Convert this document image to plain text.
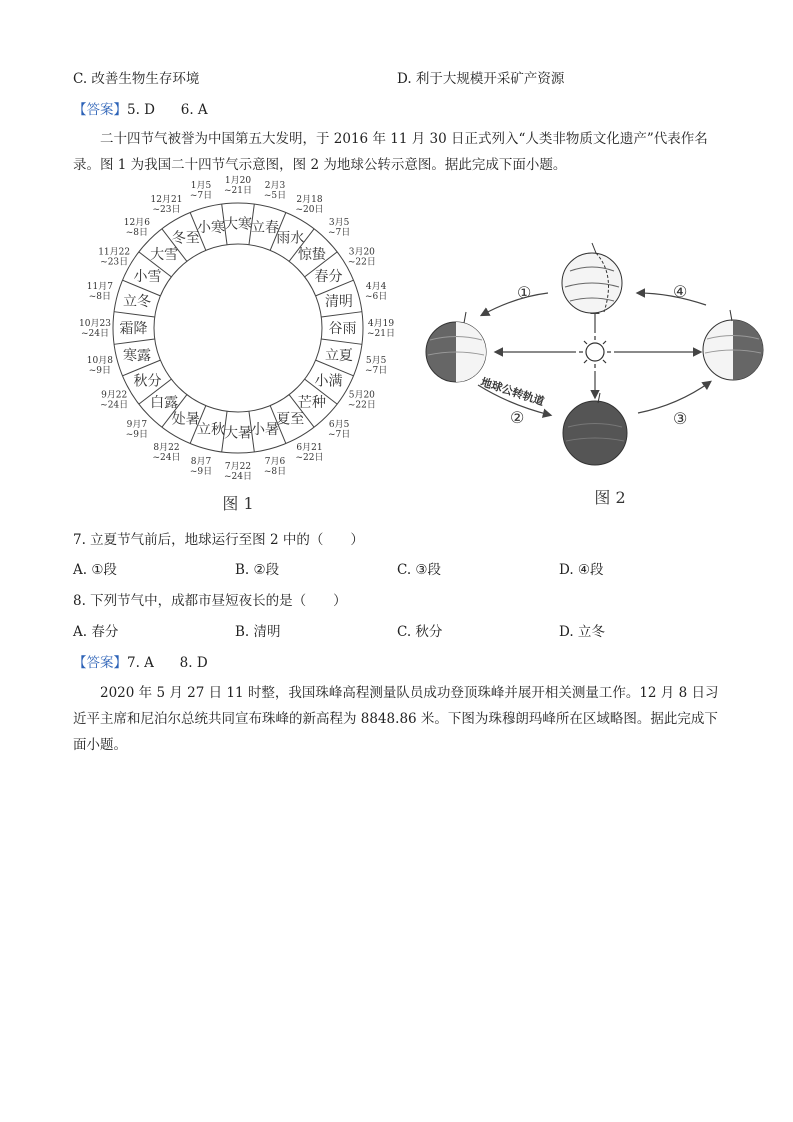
C. 改善生物生存环境	D. 利于大规模开采矿产资源
【答案】5. D      6. A
二十四节气被誉为中国第五大发明，于 2016 年 11 月 30 日正式列入“人类非物质文化遗产”代表作名录。图 1 为我国二十四节气示意图，图 2 为地球公转示意图。据此完成下面小题。
大寒 立春
雨水
惊蛰
春分
清明
谷雨
立夏
小满
芒种
夏至
小暑
大暑
立秋
处暑
白露
秋分
寒露
霜降
立冬
小雪
大雪
冬至
小寒
1月20 ~21日
2月3 ~5日 2月18 ~20日
3月5 ~7日
3月20 ~22日
4月4 ~6日
4月19 ~21日
5月5 ~7日
5月20 ~22日
6月5 ~7日
6月21 ~22日
7月6 ~8日
7月22 ~24日
8月7 ~9日
8月22 ~24日
9月7 ~9日
9月22 ~24日
10月8 ~9日
10月23 ~24日
11月7 ~8日
11月22 ~23日
12月6 ~8日
12月21 ~23日
1月5 ~7日
图 1
①
②	③
④
地球公转轨道
图 2
7. 立夏节气前后，地球运行至图 2 中的（　　）
A. ①段	B. ②段	C. ③段	D. ④段
8. 下列节气中，成都市昼短夜长的是（　　）
A. 春分	B. 清明	C. 秋分	D. 立冬
【答案】7. A      8. D
2020 年 5 月 27 日 11 时整，我国珠峰高程测量队员成功登顶珠峰并展开相关测量工作。12 月 8 日习近平主席和尼泊尔总统共同宣布珠峰的新高程为 8848.86 米。下图为珠穆朗玛峰所在区域略图。据此完成下面小题。
